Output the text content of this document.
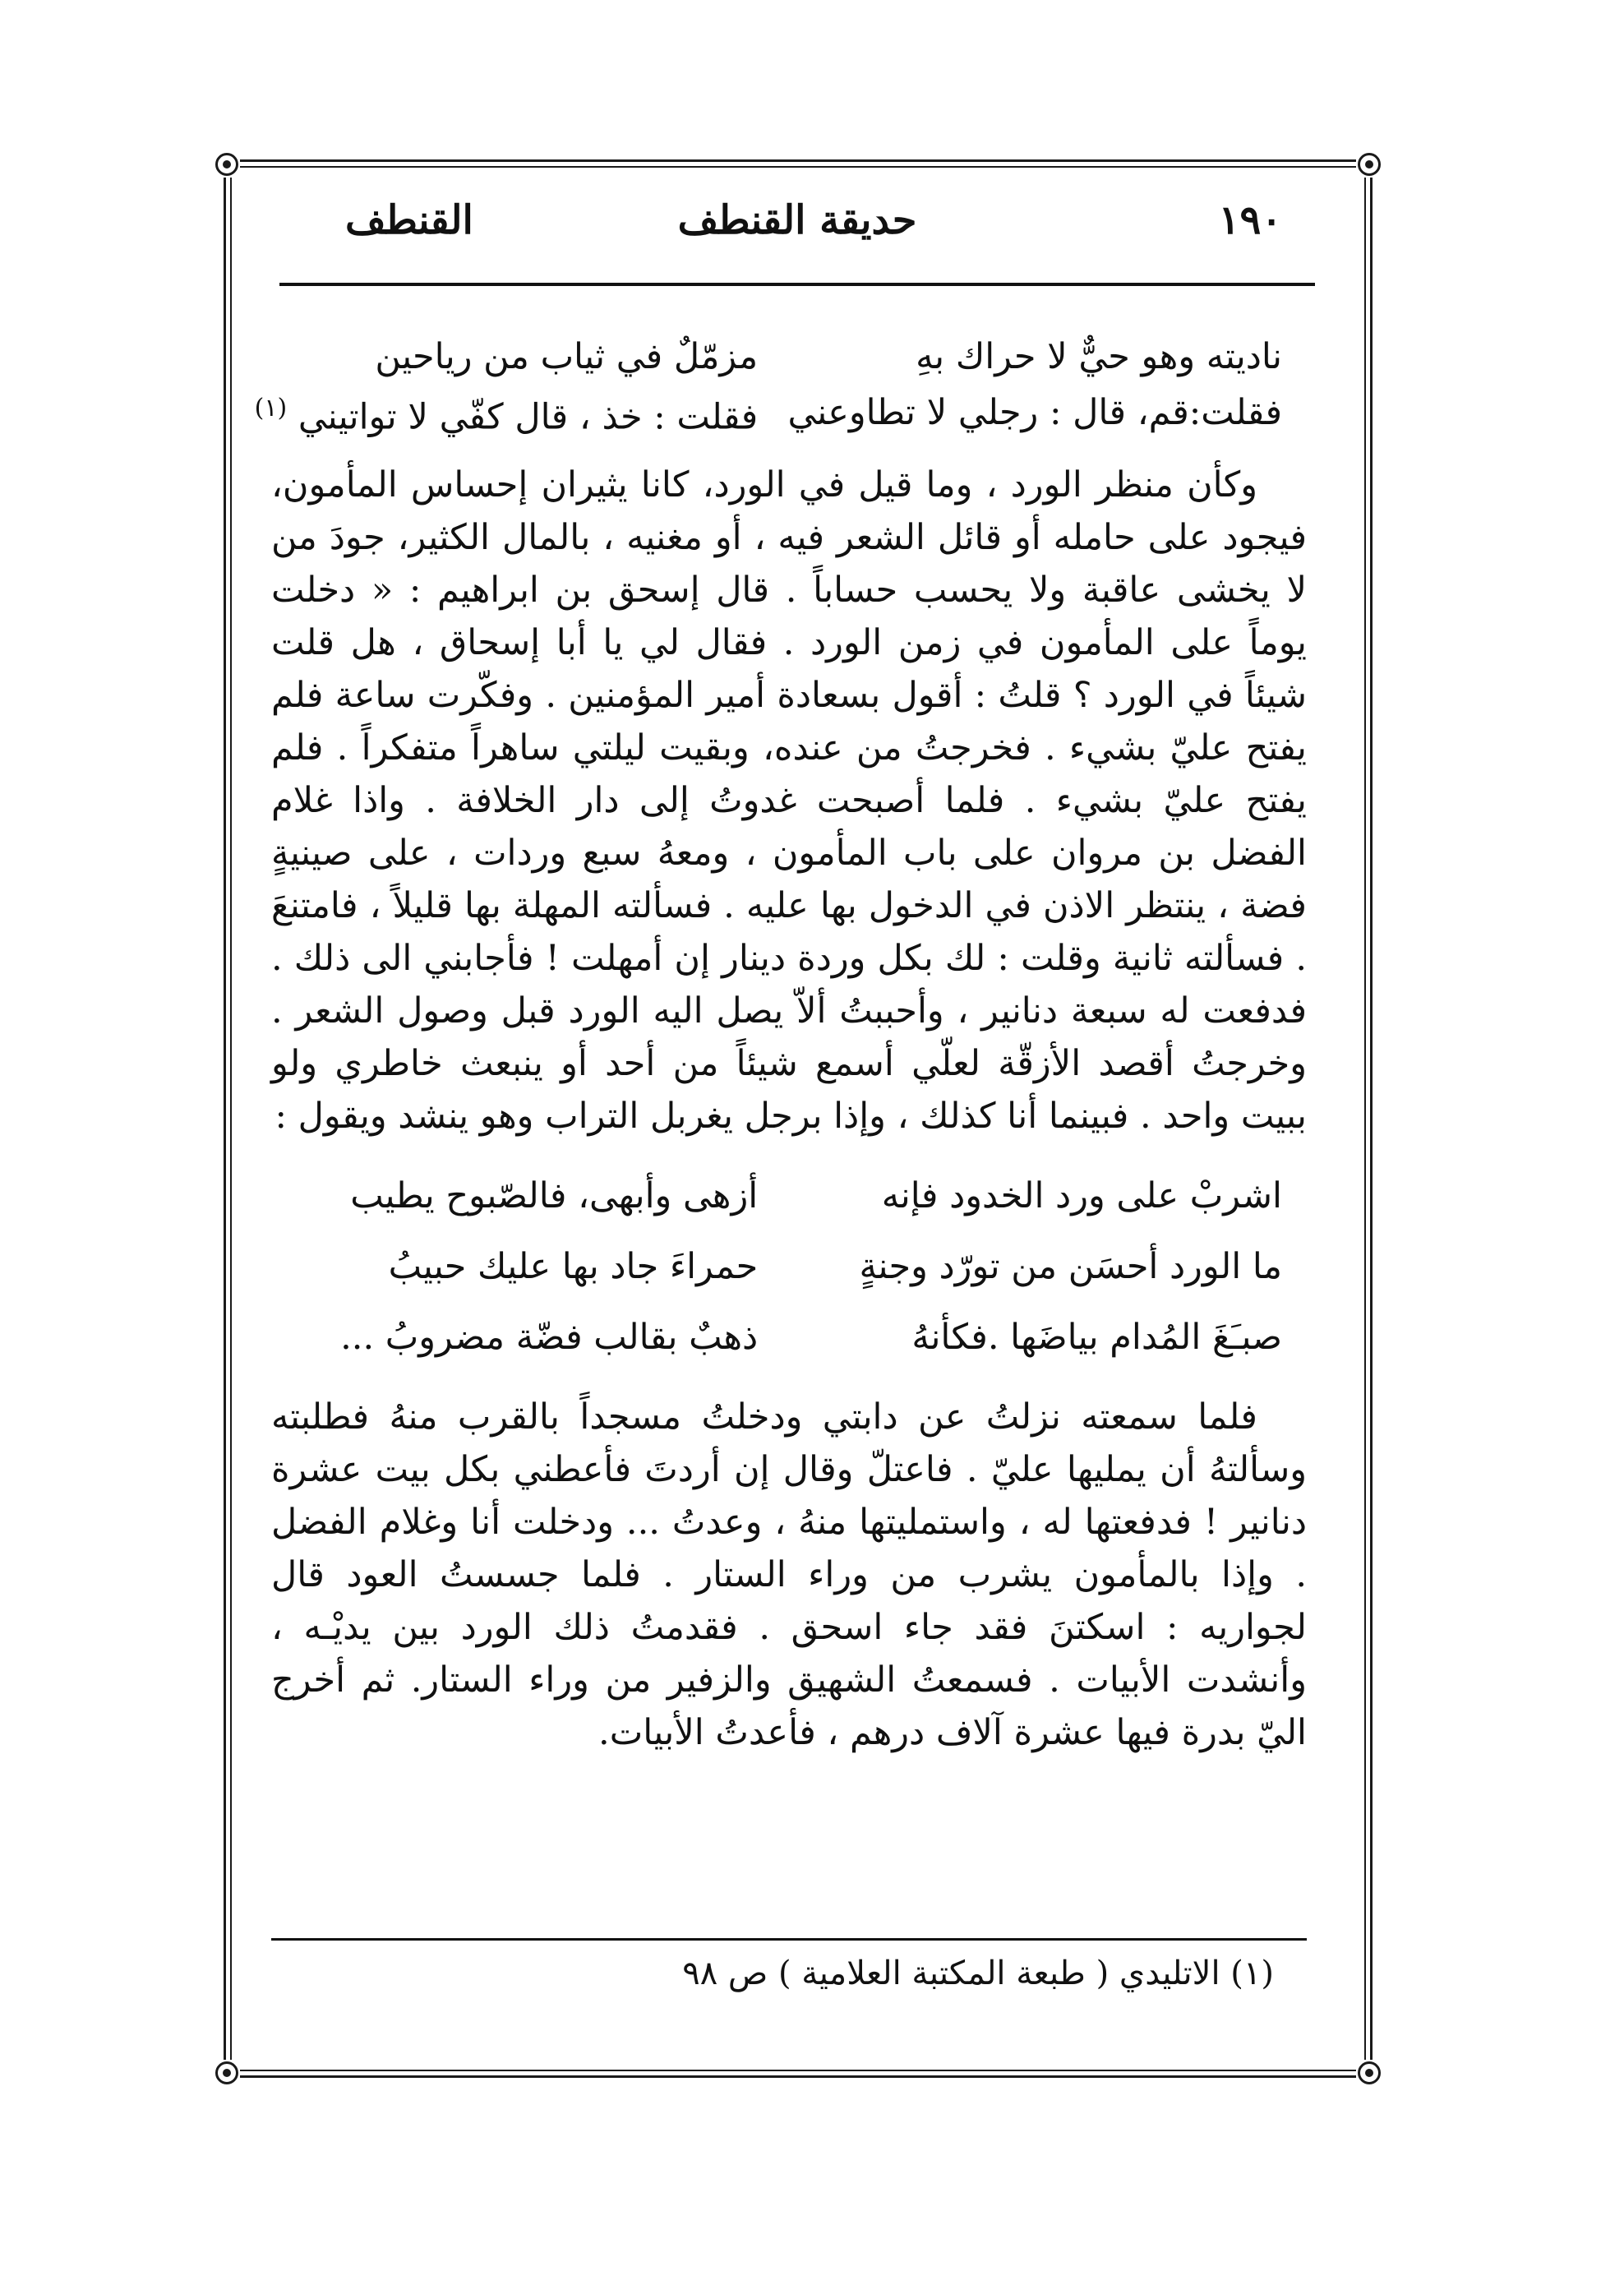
١٩٠
حديقة القنطف
القنطف
ناديته وهو حيٌّ لا حراك بهِ
مزمّلٌ في ثياب من رياحين
فقلت:قم، قال : رجلي لا تطاوعني
فقلت : خذ ، قال كفّي لا تواتيني $^{(١)}$
وكأن منظر الورد ، وما قيل في الورد، كانا يثيران إحساس المأمون، فيجود على حامله أو قائل الشعر فيه ، أو مغنيه ، بالمال الكثير، جودَ من لا يخشى عاقبة ولا يحسب حساباً . قال إسحق بن ابراهيم : « دخلت يوماً على المأمون في زمن الورد . فقال لي يا أبا إسحاق ، هل قلت شيئاً في الورد ؟ قلتُ : أقول بسعادة أمير المؤمنين . وفكّرت ساعة فلم يفتح عليّ بشيء . فخرجتُ من عنده، وبقيت ليلتي ساهراً متفكراً . فلم يفتح عليّ بشيء . فلما أصبحت غدوتُ إلى دار الخلافة . واذا غلام الفضل بن مروان على باب المأمون ، ومعهُ سبع وردات ، على صينيةٍ فضة ، ينتظر الاذن في الدخول بها عليه . فسألته المهلة بها قليلاً ، فامتنعَ . فسألته ثانية وقلت : لك بكل وردة دينار إن أمهلت ! فأجابني الى ذلك . فدفعت له سبعة دنانير ، وأحببتُ ألاّ يصل اليه الورد قبل وصول الشعر . وخرجتُ أقصد الأزقّة لعلّي أسمع شيئاً من أحد أو ينبعث خاطري ولو ببيت واحد . فبينما أنا كذلك ، وإذا برجل يغربل التراب وهو ينشد ويقول :
اشربْ على ورد الخدود فإنه
أزهى وأبهى، فالصّبوح يطيب
ما الورد أحسَن من تورّد وجنةٍ
حمراءَ جاد بها عليك حبيبُ
صبـَغَ المُدام بياضَها .فكأنهُ
ذهبٌ بقالب فضّة مضروبُ ...
فلما سمعته نزلتُ عن دابتي ودخلتُ مسجداً بالقرب منهُ فطلبته وسألتهُ أن يمليها عليّ . فاعتلّ وقال إن أردتَ فأعطني بكل بيت عشرة دنانير ! فدفعتها له ، واستمليتها منهُ ، وعدتُ ... ودخلت أنا وغلام الفضل . وإذا بالمأمون يشرب من وراء الستار . فلما جسستُ العود قال لجواريه : اسكتنَ فقد جاء اسحق . فقدمتُ ذلك الورد بين يديْـه ، وأنشدت الأبيات . فسمعتُ الشهيق والزفير من وراء الستار. ثم أخرج اليّ بدرة فيها عشرة آلاف درهم ، فأعدتُ الأبيات.
(١) الاتليدي ( طبعة المكتبة العلامية ) ص ٩٨
